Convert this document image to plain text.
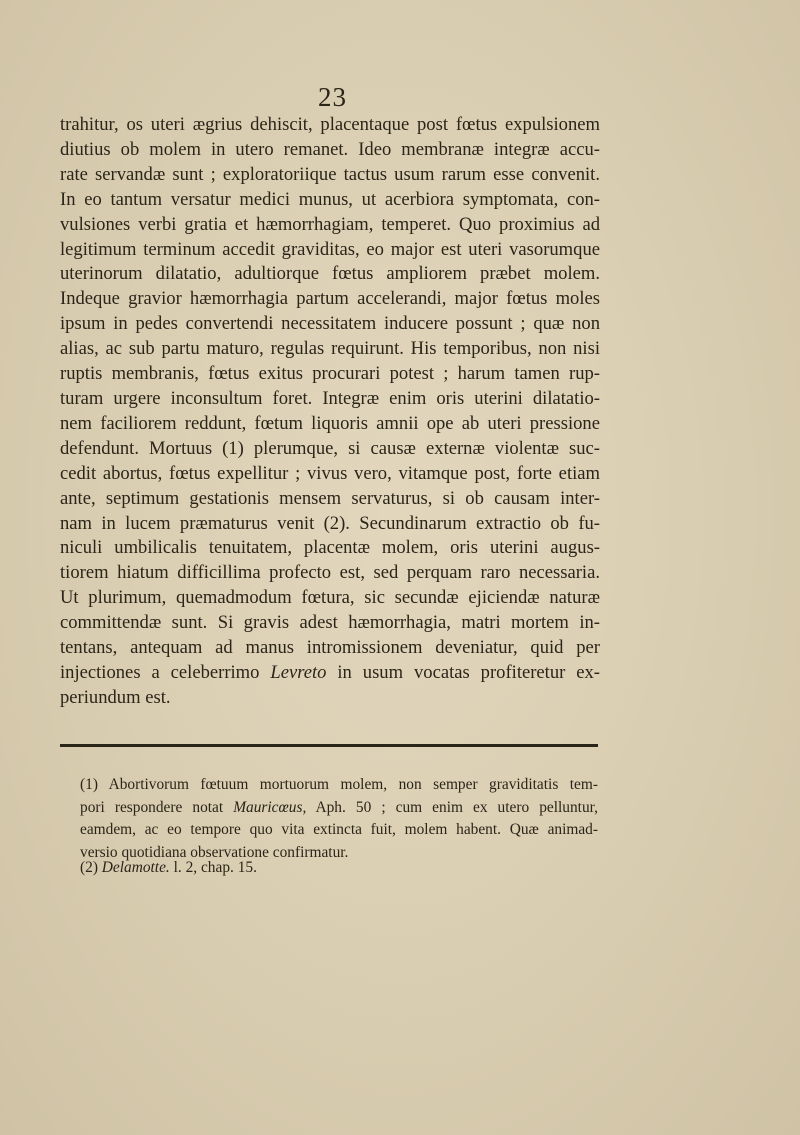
23
trahitur, os uteri ægrius dehiscit, placentaque post fœtus expulsionem
diutius ob molem in utero remanet. Ideo membranæ integræ accu-
rate servandæ sunt ; exploratoriique tactus usum rarum esse convenit.
In eo tantum versatur medici munus, ut acerbiora symptomata, con-
vulsiones verbi gratia et hæmorrhagiam, temperet. Quo proximius ad
legitimum terminum accedit graviditas, eo major est uteri vasorumque
uterinorum dilatatio, adultiorque fœtus ampliorem præbet molem.
Indeque gravior hæmorrhagia partum accelerandi, major fœtus moles
ipsum in pedes convertendi necessitatem inducere possunt ; quæ non
alias, ac sub partu maturo, regulas requirunt. His temporibus, non nisi
ruptis membranis, fœtus exitus procurari potest ; harum tamen rup-
turam urgere inconsultum foret. Integræ enim oris uterini dilatatio-
nem faciliorem reddunt, fœtum liquoris amnii ope ab uteri pressione
defendunt. Mortuus (1) plerumque, si causæ externæ violentæ suc-
cedit abortus, fœtus expellitur ; vivus vero, vitamque post, forte etiam
ante, septimum gestationis mensem servaturus, si ob causam inter-
nam in lucem præmaturus venit (2). Secundinarum extractio ob fu-
niculi umbilicalis tenuitatem, placentæ molem, oris uterini augus-
tiorem hiatum difficillima profecto est, sed perquam raro necessaria.
Ut plurimum, quemadmodum fœtura, sic secundæ ejiciendæ naturæ
committendæ sunt. Si gravis adest hæmorrhagia, matri mortem in-
tentans, antequam ad manus intromissionem deveniatur, quid per
injectiones a celeberrimo Levreto in usum vocatas profiteretur ex-
periundum est.
(1) Abortivorum fœtuum mortuorum molem, non semper graviditatis tem-
pori respondere notat Mauricœus, Aph. 50 ; cum enim ex utero pelluntur,
eamdem, ac eo tempore quo vita extincta fuit, molem habent. Quæ animad-
versio quotidiana observatione confirmatur.
(2) Delamotte. l. 2, chap. 15.
